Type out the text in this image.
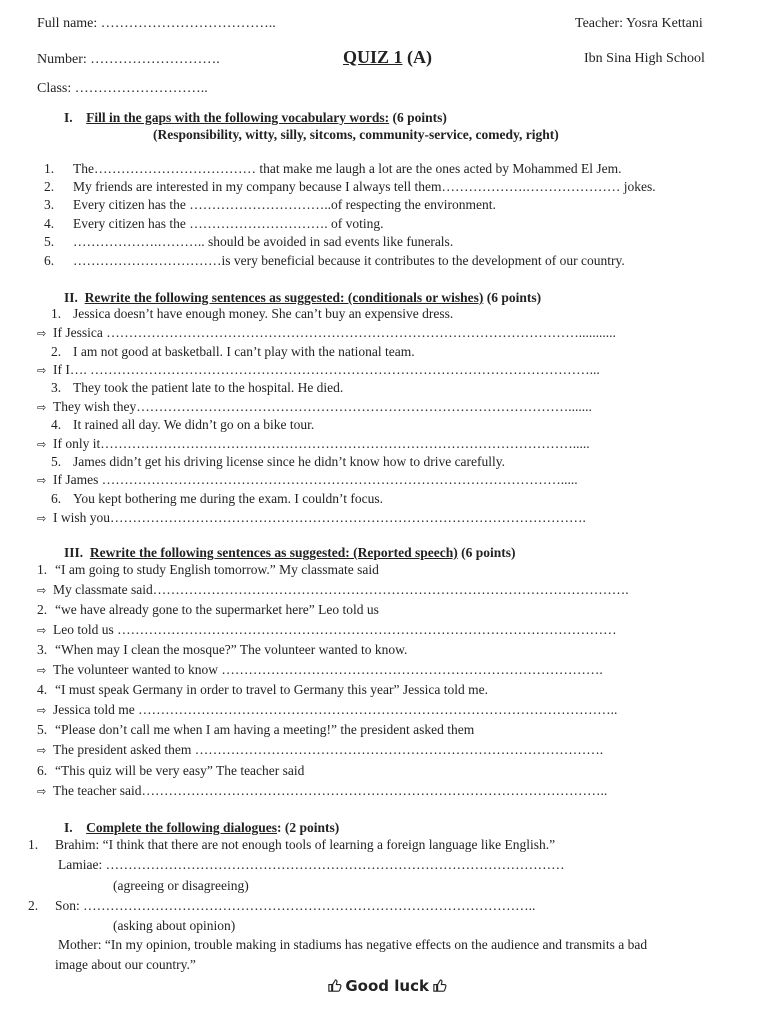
Full name: ………………………………..	Teacher: Yosra Kettani
Number: ……………………….	QUIZ 1 (A)	Ibn Sina High School
Class: ………………………..
I. Fill in the gaps with the following vocabulary words: (6 points)
(Responsibility, witty, silly, sitcoms, community-service, comedy, right)
1. The……………………………… that make me laugh a lot are the ones acted by Mohammed El Jem.
2. My friends are interested in my company because I always tell them……………….………………… jokes.
3. Every citizen has the …………………………..of respecting the environment.
4. Every citizen has the …………………………. of voting.
5. ……………….……….. should be avoided in sad events like funerals.
6. ……………………………is very beneficial because it contributes to the development of our country.
II. Rewrite the following sentences as suggested: (conditionals or wishes) (6 points)
1. Jessica doesn’t have enough money. She can’t buy an expensive dress.
⇨ If Jessica ……………………………………………………………………………………………...........
2. I am not good at basketball. I can’t play with the national team.
⇨ If I…. …………………………………………………………………………………………………...
3. They took the patient late to the hospital. He died.
⇨ They wish they…………………………………………………………………………………….......
4. It rained all day. We didn’t go on a bike tour.
⇨ If only it…………………………………………………………………………………………….....
5. James didn’t get his driving license since he didn’t know how to drive carefully.
⇨ If James ………………………………………………………………………………………….....
6. You kept bothering me during the exam. I couldn’t focus.
⇨ I wish you…………………………………………………………………………………………….
III. Rewrite the following sentences as suggested: (Reported speech) (6 points)
1. “I am going to study English tomorrow.” My classmate said
⇨ My classmate said…………………………………………………………………………………………….
2. “we have already gone to the supermarket here” Leo told us
⇨ Leo told us …………………………………………………………………………………………………
3. “When may I clean the mosque?” The volunteer wanted to know.
⇨ The volunteer wanted to know ………………………………………………………………………….
4. “I must speak Germany in order to travel to Germany this year” Jessica told me.
⇨ Jessica told me ……………………………………………………………………………………………..
5. “Please don’t call me when I am having a meeting!” the president asked them
⇨ The president asked them ……………………………………………………………………………….
6. “This quiz will be very easy” The teacher said
⇨ The teacher said…………………………………………………………………………………………..
I. Complete the following dialogues: (2 points)
1. Brahim: “I think that there are not enough tools of learning a foreign language like English.”
Lamiae: …………………………………………………………………………………………
(agreeing or disagreeing)
2. Son: ………………………………………………………………………………………..
(asking about opinion)
Mother: “In my opinion, trouble making in stadiums has negative effects on the audience and transmits a bad
image about our country.”
Good luck
